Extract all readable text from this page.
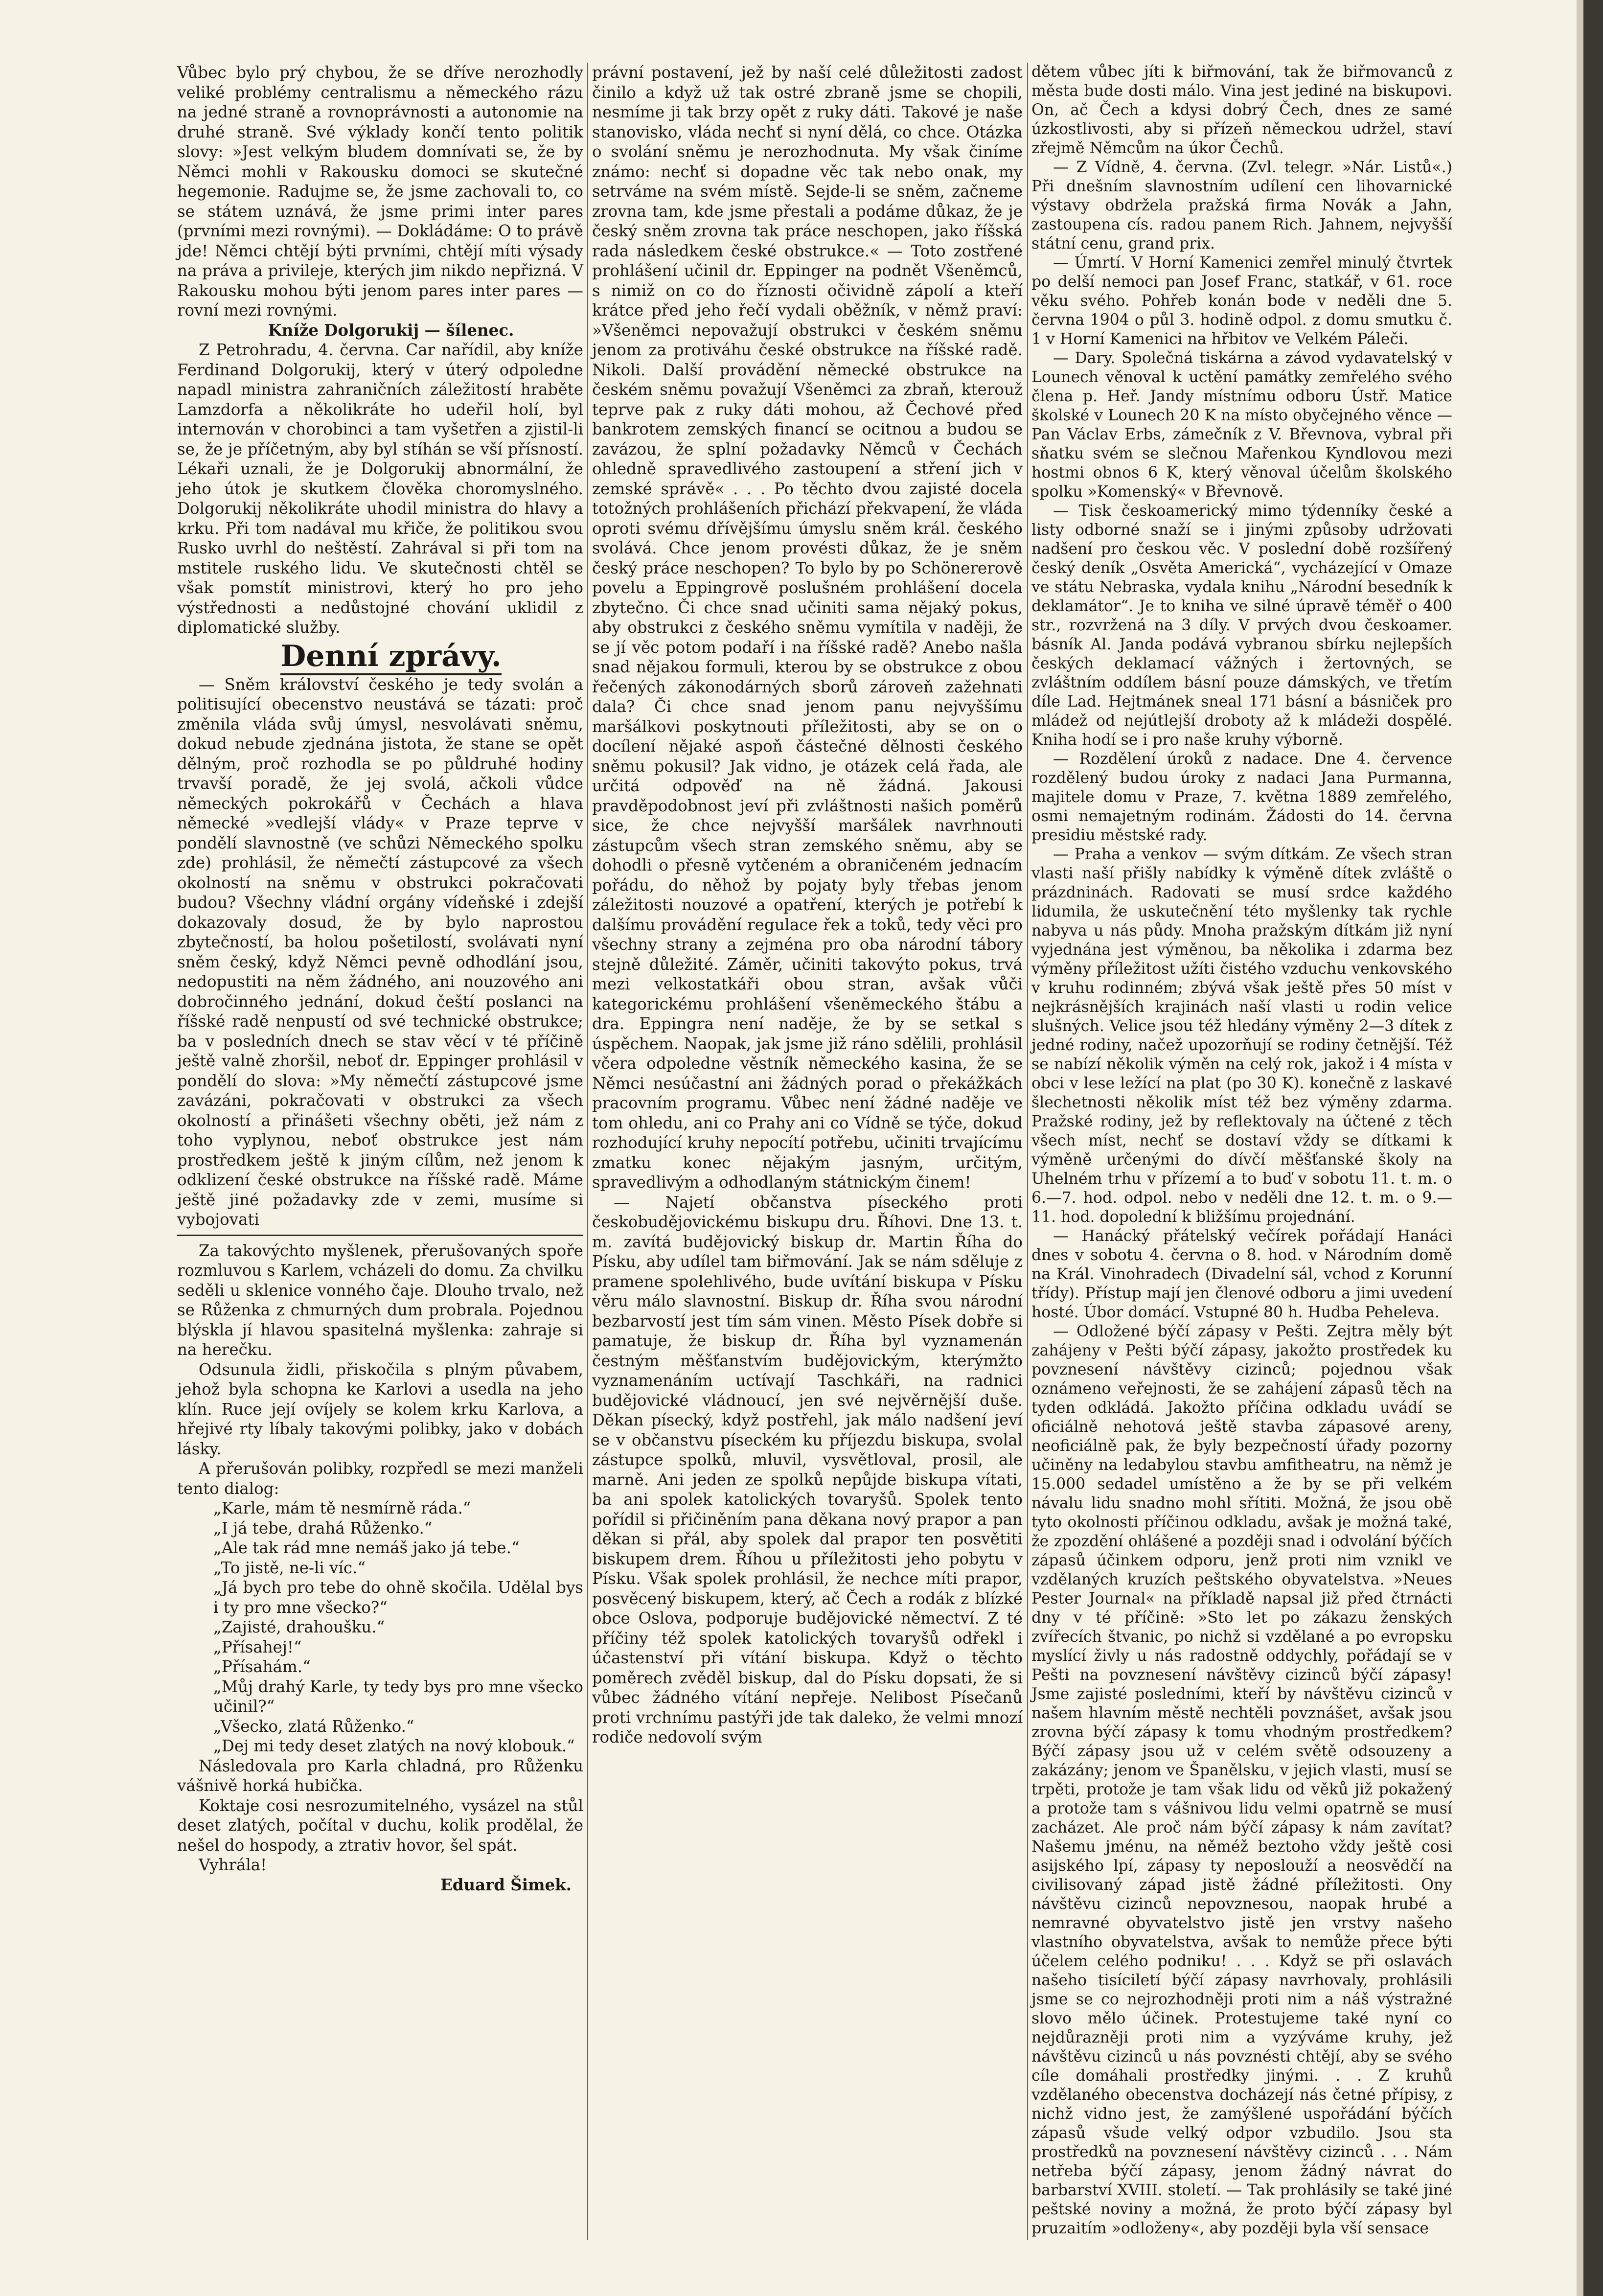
Vůbec bylo prý chybou, že se dříve nerozhodly veliké problémy centralismu a německého rázu na jedné straně a rovnoprávnosti a autonomie na druhé straně. Své výklady končí tento politik slovy: »Jest velkým bludem domnívati se, že by Němci mohli v Rakousku domoci se skutečné hegemonie. Radujme se, že jsme zachovali to, co se státem uznává, že jsme primi inter pares (prvními mezi rovnými). — Dokládáme: O to právě jde! Němci chtějí býti prvními, chtějí míti výsady na práva a privileje, kterých jim nikdo nepřizná. V Rakousku mohou býti jenom pares inter pares — rovní mezi rovnými.

Kníže Dolgorukij — šílenec.

Z Petrohradu, 4. června. Car nařídil, aby kníže Ferdinand Dolgorukij, který v úterý odpoledne napadl ministra zahraničních záležitostí hraběte Lamzdorfa a několikráte ho udeřil holí, byl internován v chorobinci a tam vyšetřen a zjistil-li se, že je příčetným, aby byl stíhán se vší přísností. Lékaři uznali, že je Dolgorukij abnormální, že jeho útok je skutkem člověka choromyslného. Dolgorukij několikráte uhodil ministra do hlavy a krku. Při tom nadával mu křiče, že politikou svou Rusko uvrhl do neštěstí. Zahrával si při tom na mstitele ruského lidu. Ve skutečnosti chtěl se však pomstít ministrovi, který ho pro jeho výstřednosti a nedůstojné chování uklidil z diplomatické služby.

Denní zprávy.

— Sněm království českého je tedy svolán a politisující obecenstvo neustává se tázati: proč změnila vláda svůj úmysl, nesvolávati sněmu, dokud nebude zjednána jistota, že stane se opět dělným, proč rozhodla se po půldruhé hodiny trvavší poradě, že jej svolá, ačkoli vůdce německých pokrokářů v Čechách a hlava německé »vedlejší vlády« v Praze teprve v pondělí slavnostně (ve schůzi Německého spolku zde) prohlásil, že němečtí zástupcové za všech okolností na sněmu v obstrukci pokračovati budou? Všechny vládní orgány vídeňské i zdejší dokazovaly dosud, že by bylo naprostou zbytečností, ba holou pošetilostí, svolávati nyní sněm český, když Němci pevně odhodlání jsou, nedopustiti na něm žádného, ani nouzového ani dobročinného jednání, dokud čeští poslanci na říšské radě nenpustí od své technické obstrukce; ba v posledních dnech se stav věcí v té příčině ještě valně zhoršil, neboť dr. Eppinger prohlásil v pondělí do slova: »My němečtí zástupcové jsme zavázáni, pokračovati v obstrukci za všech okolností a přinášeti všechny oběti, jež nám z toho vyplynou, neboť obstrukce jest nám prostředkem ještě k jiným cílům, než jenom k odklizení české obstrukce na říšské radě. Máme ještě jiné požadavky zde v zemi, musíme si vybojovati

Za takovýchto myšlenek, přerušovaných spoře rozmluvou s Karlem, vcházeli do domu. Za chvilku seděli u sklenice vonného čaje. Dlouho trvalo, než se Růženka z chmurných dum probrala. Pojednou blýskla jí hlavou spasitelná myšlenka: zahraje si na herečku.

Odsunula židli, přiskočila s plným půvabem, jehož byla schopna ke Karlovi a usedla na jeho klín. Ruce její ovíjely se kolem krku Karlova, a hřejivé rty líbaly takovými polibky, jako v dobách lásky.

A přerušován polibky, rozpředl se mezi manželi tento dialog:

„Karle, mám tě nesmírně ráda.“

„I já tebe, drahá Růženko.“

„Ale tak rád mne nemáš jako já tebe.“

„To jistě, ne-li víc.“

„Já bych pro tebe do ohně skočila. Udělal bys i ty pro mne všecko?“

„Zajisté, drahoušku.“

„Přísahej!“

„Přísahám.“

„Můj drahý Karle, ty tedy bys pro mne všecko učinil?“

„Všecko, zlatá Růženko.“

„Dej mi tedy deset zlatých na nový klobouk.“

Následovala pro Karla chladná, pro Růženku vášnivě horká hubička.

Koktaje cosi nesrozumitelného, vysázel na stůl deset zlatých, počítal v duchu, kolik prodělal, že nešel do hospody, a ztrativ hovor, šel spát.

Vyhrála!

Eduard Šimek.

právní postavení, jež by naší celé důležitosti zadost činilo a když už tak ostré zbraně jsme se chopili, nesmíme ji tak brzy opět z ruky dáti. Takové je naše stanovisko, vláda nechť si nyní dělá, co chce. Otázka o svolání sněmu je nerozhodnuta. My však činíme známo: nechť si dopadne věc tak nebo onak, my setrváme na svém místě. Sejde-li se sněm, začneme zrovna tam, kde jsme přestali a podáme důkaz, že je český sněm zrovna tak práce neschopen, jako říšská rada následkem české obstrukce.« — Toto zostřené prohlášení učinil dr. Eppinger na podnět Všeněmců, s nimiž on co do říznosti očividně zápolí a kteří krátce před jeho řečí vydali oběžník, v němž praví: »Všeněmci nepovažují obstrukci v českém sněmu jenom za protiváhu české obstrukce na říšské radě. Nikoli. Další provádění německé obstrukce na českém sněmu považují Všeněmci za zbraň, kterouž teprve pak z ruky dáti mohou, až Čechové před bankrotem zemských financí se ocitnou a budou se zavázou, že splní požadavky Němců v Čechách ohledně spravedlivého zastoupení a stření jich v zemské správě« . . . Po těchto dvou zajisté docela totožných prohlášeních přichází překvapení, že vláda oproti svému dřívějšímu úmyslu sněm král. českého svolává. Chce jenom provésti důkaz, že je sněm český práce neschopen? To bylo by po Schönererově povelu a Eppingrově poslušném prohlášení docela zbytečno. Či chce snad učiniti sama nějaký pokus, aby obstrukci z českého sněmu vymítila v naději, že se jí věc potom podaří i na říšské radě? Anebo našla snad nějakou formuli, kterou by se obstrukce z obou řečených zákonodárných sborů zároveň zažehnati dala? Či chce snad jenom panu nejvyššímu maršálkovi poskytnouti příležitosti, aby se on o docílení nějaké aspoň částečné dělnosti českého sněmu pokusil? Jak vidno, je otázek celá řada, ale určitá odpověď na ně žádná. Jakousi pravděpodobnost jeví při zvláštnosti našich poměrů sice, že chce nejvyšší maršálek navrhnouti zástupcům všech stran zemského sněmu, aby se dohodli o přesně vytčeném a obraničeném jednacím pořádu, do něhož by pojaty byly třebas jenom záležitosti nouzové a opatření, kterých je potřebí k dalšímu provádění regulace řek a toků, tedy věci pro všechny strany a zejména pro oba národní tábory stejně důležité. Záměr, učiniti takovýto pokus, trvá mezi velkostatkáři obou stran, avšak vůči kategorickému prohlášení všeněmeckého štábu a dra. Eppingra není naděje, že by se setkal s úspěchem. Naopak, jak jsme již ráno sdělili, prohlásil včera odpoledne věstník německého kasina, že se Němci nesúčastní ani žádných porad o překážkách pracovním programu. Vůbec není žádné naděje ve tom ohledu, ani co Prahy ani co Vídně se týče, dokud rozhodující kruhy nepocítí potřebu, učiniti trvajícímu zmatku konec nějakým jasným, určitým, spravedlivým a odhodlaným státnickým činem!

— Najetí občanstva píseckého proti českobudějovickému biskupu dru. Říhovi. Dne 13. t. m. zavítá budějovický biskup dr. Martin Říha do Písku, aby udílel tam biřmování. Jak se nám sděluje z pramene spolehlivého, bude uvítání biskupa v Písku věru málo slavnostní. Biskup dr. Říha svou národní bezbarvostí jest tím sám vinen. Město Písek dobře si pamatuje, že biskup dr. Říha byl vyznamenán čestným měšťanstvím budějovickým, kterýmžto vyznamenáním uctívají Taschkáři, na radnici budějovické vládnoucí, jen své nejvěrnější duše. Děkan písecký, když postřehl, jak málo nadšení jeví se v občanstvu píseckém ku příjezdu biskupa, svolal zástupce spolků, mluvil, vysvětloval, prosil, ale marně. Ani jeden ze spolků nepůjde biskupa vítati, ba ani spolek katolických tovaryšů. Spolek tento pořídil si přičiněním pana děkana nový prapor a pan děkan si přál, aby spolek dal prapor ten posvětiti biskupem drem. Říhou u příležitosti jeho pobytu v Písku. Však spolek prohlásil, že nechce míti prapor, posvěcený biskupem, který, ač Čech a rodák z blízké obce Oslova, podporuje budějovické němectví. Z té příčiny též spolek katolických tovaryšů odřekl i účastenství při vítání biskupa. Když o těchto poměrech zvěděl biskup, dal do Písku dopsati, že si vůbec žádného vítání nepřeje. Nelibost Písečanů proti vrchnímu pastýři jde tak daleko, že velmi mnozí rodiče nedovolí svým

dětem vůbec jíti k biřmování, tak že biřmovanců z města bude dosti málo. Vina jest jediné na biskupovi. On, ač Čech a kdysi dobrý Čech, dnes ze samé úzkostlivosti, aby si přízeň německou udržel, staví zřejmě Němcům na úkor Čechů.

— Z Vídně, 4. června. (Zvl. telegr. »Nár. Listů«.) Při dnešním slavnostním udílení cen lihovarnické výstavy obdržela pražská firma Novák a Jahn, zastoupena cís. radou panem Rich. Jahnem, nejvyšší státní cenu, grand prix.

— Úmrtí. V Horní Kamenici zemřel minulý čtvrtek po delší nemoci pan Josef Franc, statkář, v 61. roce věku svého. Pohřeb konán bode v neděli dne 5. června 1904 o půl 3. hodině odpol. z domu smutku č. 1 v Horní Kamenici na hřbitov ve Velkém Páleči.

— Dary. Společná tiskárna a závod vydavatelský v Lounech věnoval k uctění památky zemřelého svého člena p. Heř. Jandy místnímu odboru Ústř. Matice školské v Lounech 20 K na místo obyčejného věnce — Pan Václav Erbs, zámečník z V. Břevnova, vybral při sňatku svém se slečnou Mařenkou Kyndlovou mezi hostmi obnos 6 K, který věnoval účelům školského spolku »Komenský« v Břevnově.

— Tisk českoamerický mimo týdenníky české a listy odborné snaží se i jinými způsoby udržovati nadšení pro českou věc. V poslední době rozšířený český deník „Osvěta Americká“, vycházející v Omaze ve státu Nebraska, vydala knihu „Národní besedník k deklamátor“. Je to kniha ve silné úpravě téměř o 400 str., rozvržená na 3 díly. V prvých dvou českoamer. básník Al. Janda podává vybranou sbírku nejlepších českých deklamací vážných i žertovných, se zvláštním oddílem básní pouze dámských, ve třetím díle Lad. Hejtmánek sneal 171 básní a básniček pro mládež od nejútlejší droboty až k mládeži dospělé. Kniha hodí se i pro naše kruhy výborně.

— Rozdělení úroků z nadace. Dne 4. července rozdělený budou úroky z nadaci Jana Purmanna, majitele domu v Praze, 7. května 1889 zemřelého, osmi nemajetným rodinám. Žádosti do 14. června presidiu městské rady.

— Praha a venkov — svým dítkám. Ze všech stran vlasti naší přišly nabídky k výměně dítek zvláště o prázdninách. Radovati se musí srdce každého lidumila, že uskutečnění této myšlenky tak rychle nabyva u nás půdy. Mnoha pražským dítkám již nyní vyjednána jest výměnou, ba několika i zdarma bez výměny příležitost užíti čistého vzduchu venkovského v kruhu rodinném; zbývá však ještě přes 50 míst v nejkrásnějších krajinách naší vlasti u rodin velice slušných. Velice jsou též hledány výměny 2—3 dítek z jedné rodiny, načež upozorňují se rodiny četnější. Též se nabízí několik výměn na celý rok, jakož i 4 místa v obci v lese ležící na plat (po 30 K). konečně z laskavé šlechetnosti několik míst též bez výměny zdarma. Pražské rodiny, jež by reflektovaly na účtené z těch všech míst, nechť se dostaví vždy se dítkami k výměně určenými do dívčí měšťanské školy na Uhelném trhu v přízemí a to buď v sobotu 11. t. m. o 6.—7. hod. odpol. nebo v neděli dne 12. t. m. o 9.—11. hod. dopolední k bližšímu projednání.

— Hanácký přátelský večírek pořádají Hanáci dnes v sobotu 4. června o 8. hod. v Národním domě na Král. Vinohradech (Divadelní sál, vchod z Korunní třídy). Přístup mají jen členové odboru a jimi uvedení hosté. Úbor domácí. Vstupné 80 h. Hudba Peheleva.

— Odložené býčí zápasy v Pešti. Zejtra měly být zahájeny v Pešti býčí zápasy, jakožto prostředek ku povznesení návštěvy cizinců; pojednou však oznámeno veřejnosti, že se zahájení zápasů těch na tyden odkládá. Jakožto příčina odkladu uvádí se oficiálně nehotová ještě stavba zápasové areny, neoficiálně pak, že byly bezpečností úřady pozorny učiněny na ledabylou stavbu amfitheatru, na němž je 15.000 sedadel umístěno a že by se při velkém návalu lidu snadno mohl sřítiti. Možná, že jsou obě tyto okolnosti příčinou odkladu, avšak je možná také, že zpozdění ohlášené a později snad i odvolání býčích zápasů účinkem odporu, jenž proti nim vznikl ve vzdělaných kruzích peštského obyvatelstva. »Neues Pester Journal« na příkladě napsal již před čtrnácti dny v té příčině: »Sto let po zákazu ženských zvířecích štvanic, po nichž si vzdělané a po evropsku myslící živly u nás radostně oddychly, pořádají se v Pešti na povznesení návštěvy cizinců býčí zápasy! Jsme zajisté posledními, kteří by návštěvu cizinců v našem hlavním městě nechtěli povznášet, avšak jsou zrovna býčí zápasy k tomu vhodným prostředkem? Býčí zápasy jsou už v celém světě odsouzeny a zakázány; jenom ve Španělsku, v jejich vlasti, musí se trpěti, protože je tam však lidu od věků již pokažený a protože tam s vášnivou lidu velmi opatrně se musí zacházet. Ale proč nám býčí zápasy k nám zavítat? Našemu jménu, na něméž beztoho vždy ještě cosi asijského lpí, zápasy ty neposlouží a neosvědčí na civilisovaný západ jistě žádné příležitosti. Ony návštěvu cizinců nepovznesou, naopak hrubé a nemravné obyvatelstvo jistě jen vrstvy našeho vlastního obyvatelstva, avšak to nemůže přece býti účelem celého podniku! . . . Když se při oslavách našeho tisíciletí býčí zápasy navrhovaly, prohlásili jsme se co nejrozhodněji proti nim a náš výstražné slovo mělo účinek. Protestujeme také nyní co nejdůrazněji proti nim a vyzýváme kruhy, jež návštěvu cizinců u nás povznésti chtějí, aby se svého cíle domáhali prostředky jinými. . . Z kruhů vzdělaného obecenstva docházejí nás četné přípisy, z nichž vidno jest, že zamýšlené uspořádání býčích zápasů všude velký odpor vzbudilo. Jsou sta prostředků na povznesení návštěvy cizinců . . . Nám netřeba býčí zápasy, jenom žádný návrat do barbarství XVIII. století. — Tak prohlásily se také jiné peštské noviny a možná, že proto býčí zápasy byl pruzaitím »odloženy«, aby později byla vší sensace
